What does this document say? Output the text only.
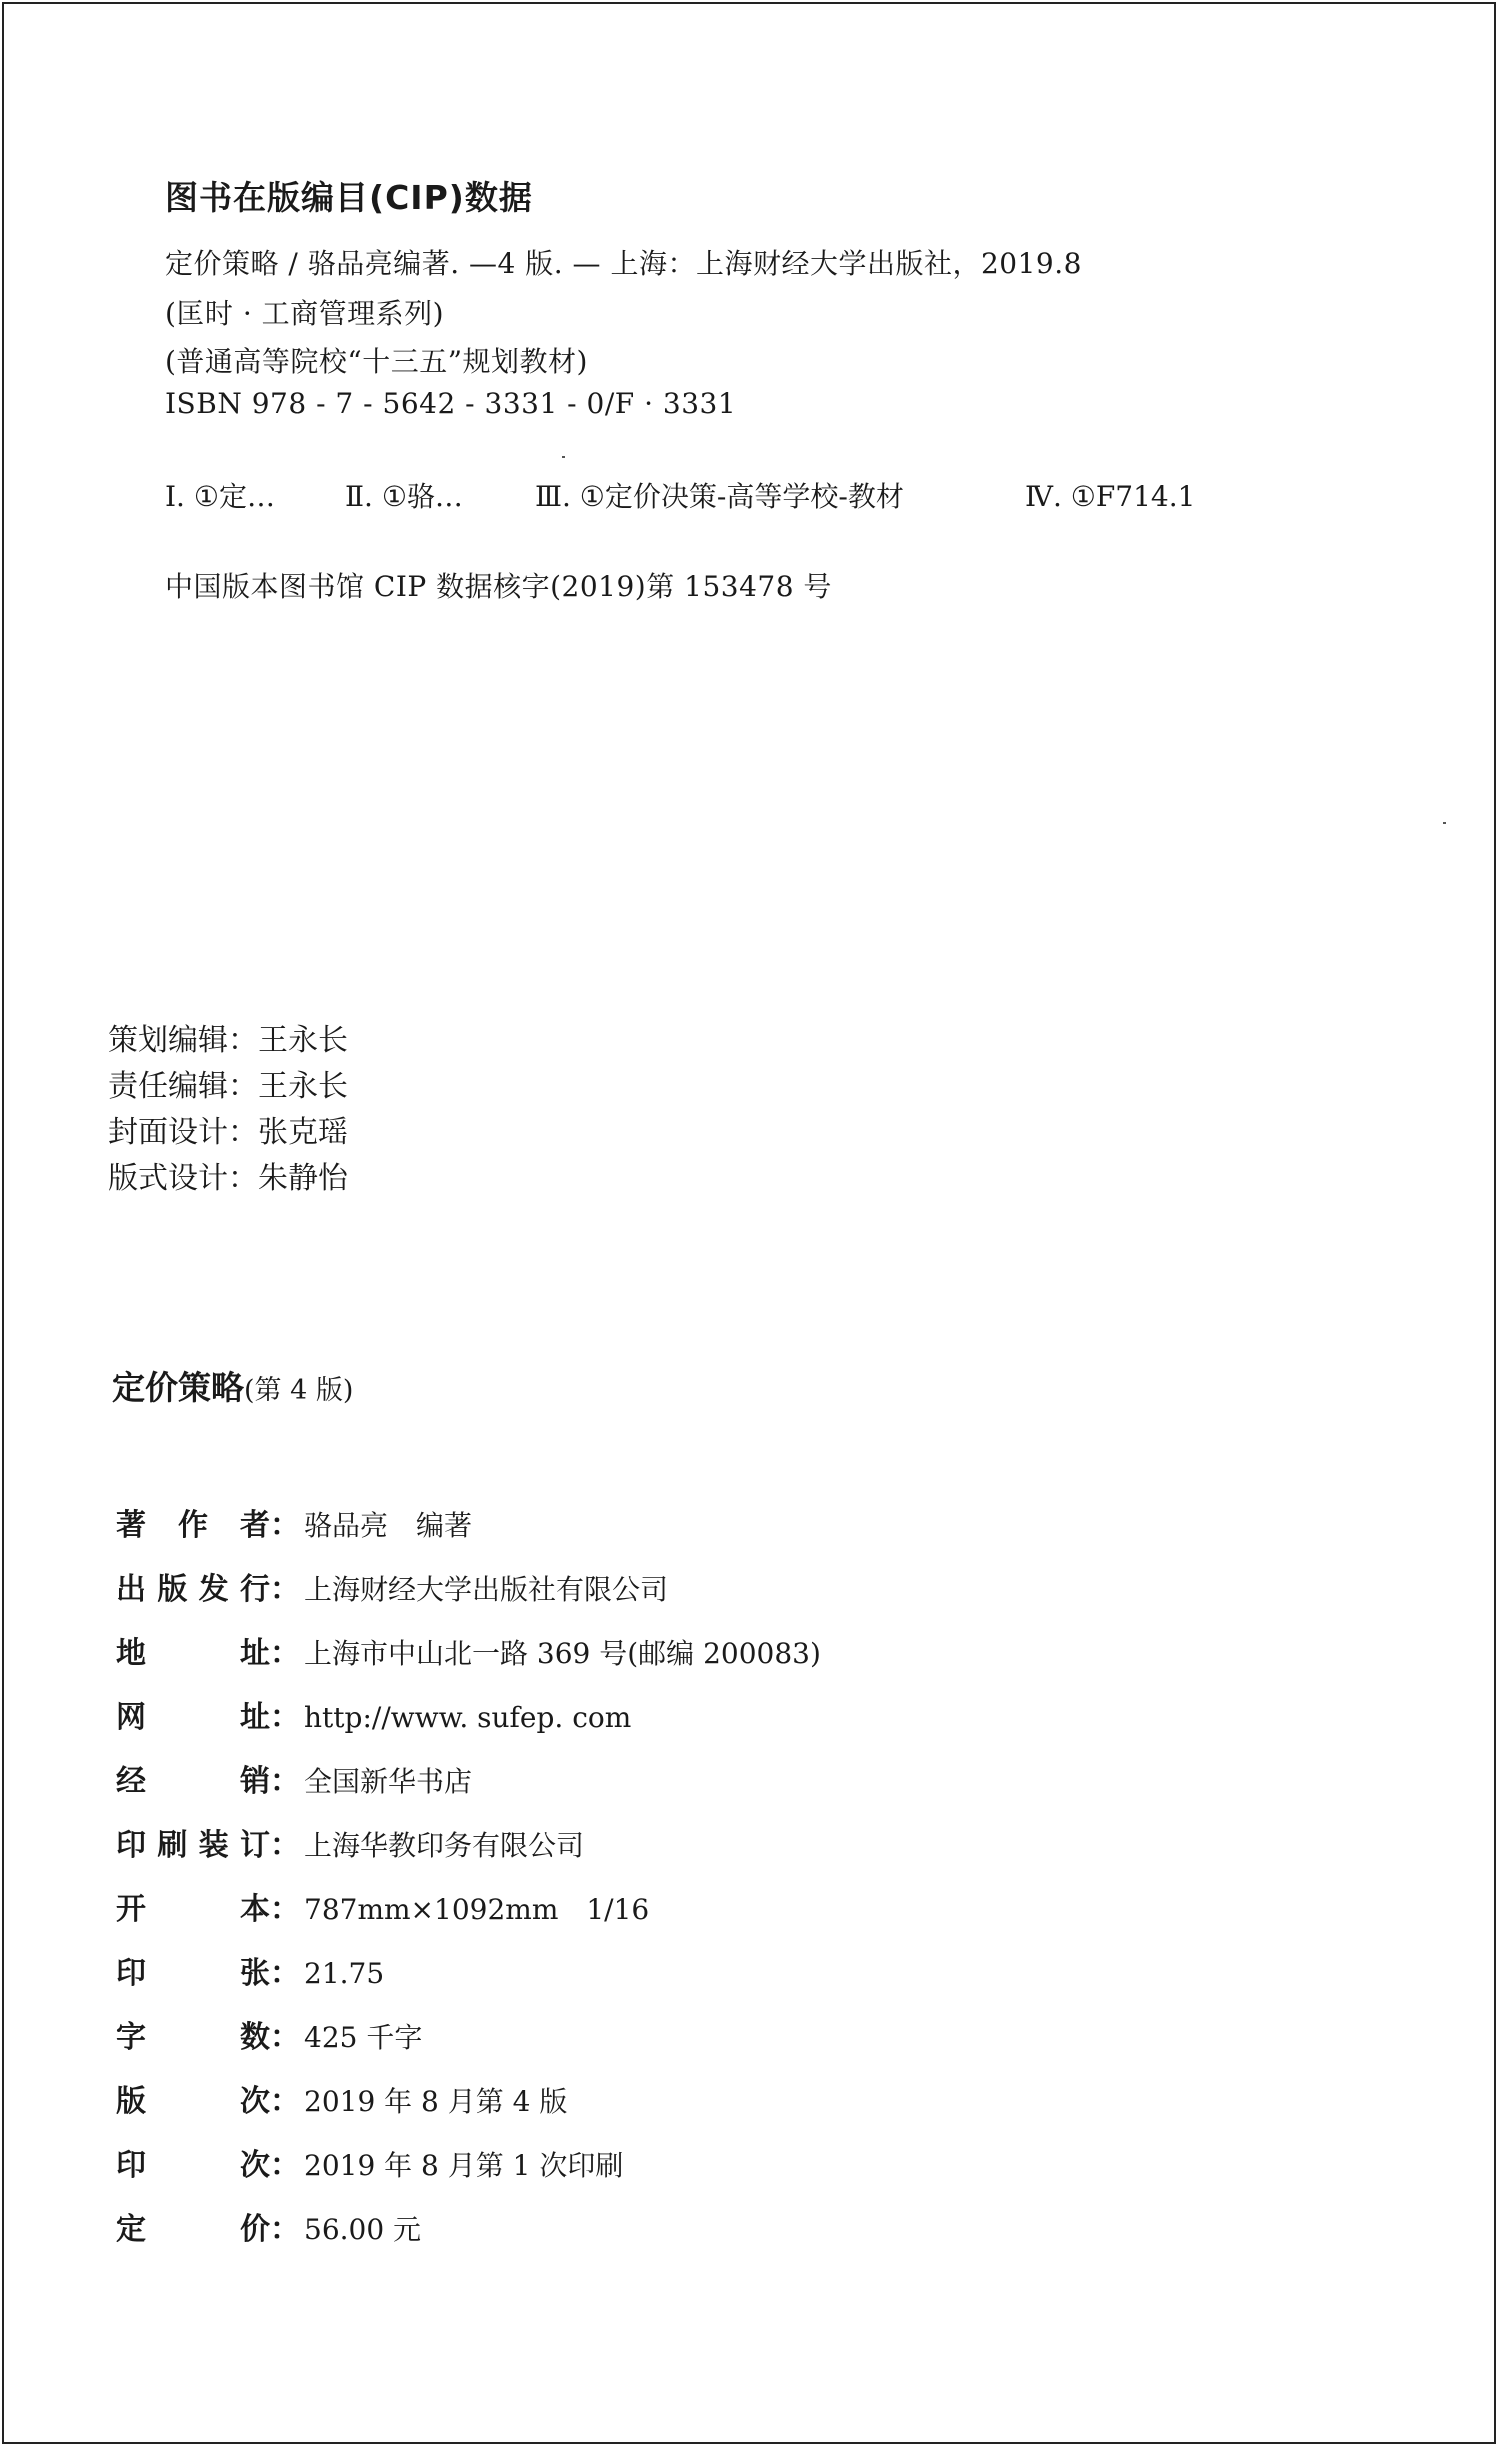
图书在版编目(CIP)数据
定价策略 / 骆品亮编著. —4 版. — 上海：上海财经大学出版社，2019.8
(匡时 · 工商管理系列)
(普通高等院校“十三五”规划教材)
ISBN 978 - 7 - 5642 - 3331 - 0/F · 3331
Ⅰ. ①定…	Ⅱ. ①骆…	Ⅲ. ①定价决策-高等学校-教材	Ⅳ. ①F714.1
中国版本图书馆 CIP 数据核字(2019)第 153478 号
策划编辑：王永长
责任编辑：王永长
封面设计：张克瑶
版式设计：朱静怡
定价策略(第 4 版)
著 作 者 ： 骆品亮　编著
出 版 发 行 ： 上海财经大学出版社有限公司
地	址 ： 上海市中山北一路 369 号(邮编 200083)
网	址 ： http://www. sufep. com
经	销 ： 全国新华书店
印 刷 装 订 ： 上海华教印务有限公司
开	本 ： 787mm×1092mm　1/16
印	张 ： 21.75
字	数 ： 425 千字
版	次 ： 2019 年 8 月第 4 版
印	次 ： 2019 年 8 月第 1 次印刷
定	价 ： 56.00 元
